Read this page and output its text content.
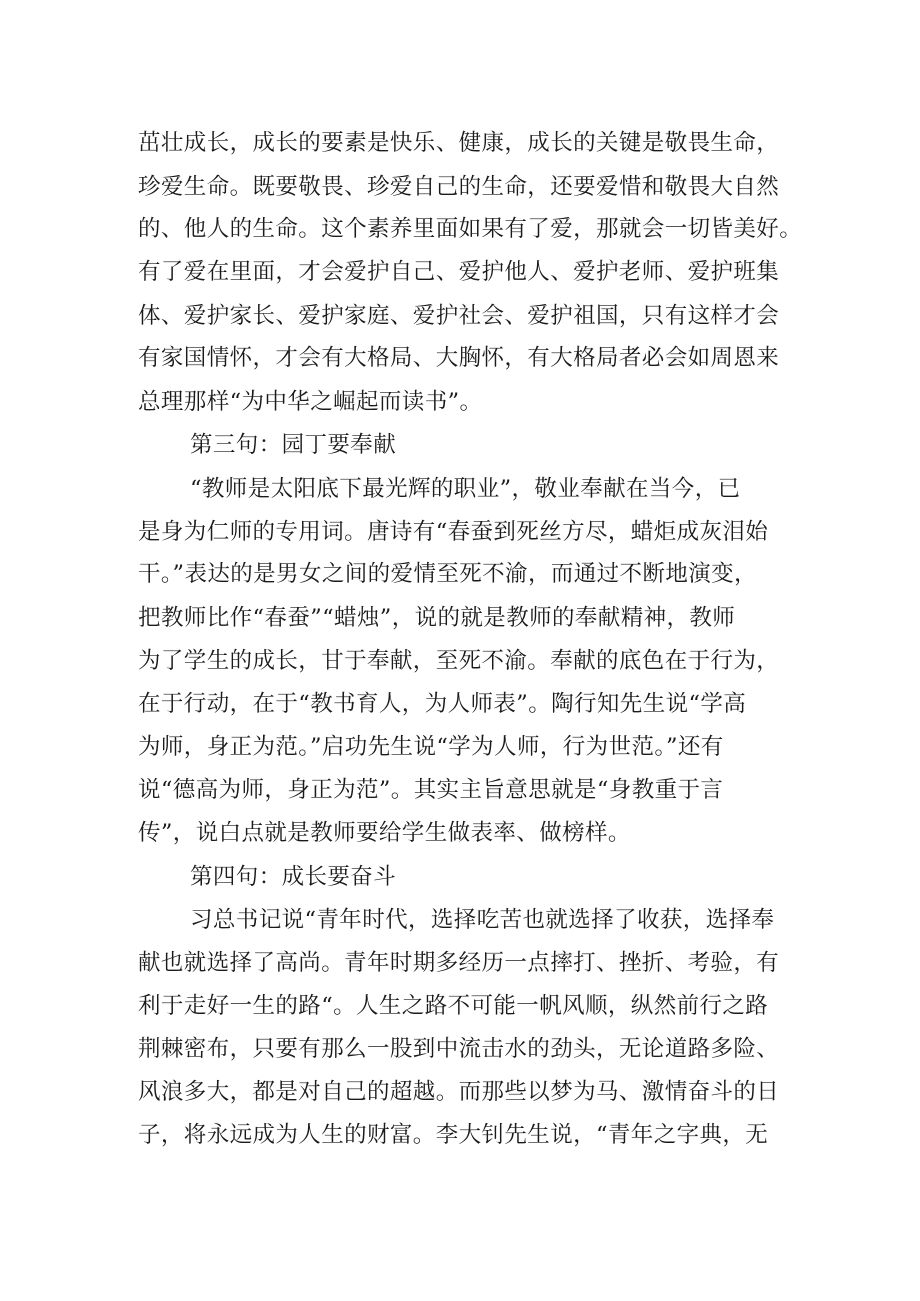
茁壮成长，成长的要素是快乐、健康，成长的关键是敬畏生命，
珍爱生命。既要敬畏、珍爱自己的生命，还要爱惜和敬畏大自然
的、他人的生命。这个素养里面如果有了爱，那就会一切皆美好。
有了爱在里面，才会爱护自己、爱护他人、爱护老师、爱护班集
体、爱护家长、爱护家庭、爱护社会、爱护祖国，只有这样才会
有家国情怀，才会有大格局、大胸怀，有大格局者必会如周恩来
总理那样“为中华之崛起而读书”。
第三句：园丁要奉献
“教师是太阳底下最光辉的职业”，敬业奉献在当今，已
是身为仁师的专用词。唐诗有“春蚕到死丝方尽，蜡炬成灰泪始
干。”表达的是男女之间的爱情至死不渝，而通过不断地演变，
把教师比作“春蚕”“蜡烛”，说的就是教师的奉献精神，教师
为了学生的成长，甘于奉献，至死不渝。奉献的底色在于行为，
在于行动，在于“教书育人，为人师表”。陶行知先生说“学高
为师，身正为范。”启功先生说“学为人师，行为世范。”还有
说“德高为师，身正为范”。其实主旨意思就是“身教重于言
传”，说白点就是教师要给学生做表率、做榜样。
第四句：成长要奋斗
习总书记说“青年时代，选择吃苦也就选择了收获，选择奉
献也就选择了高尚。青年时期多经历一点摔打、挫折、考验，有
利于走好一生的路“。人生之路不可能一帆风顺，纵然前行之路
荆棘密布，只要有那么一股到中流击水的劲头，无论道路多险、
风浪多大，都是对自己的超越。而那些以梦为马、激情奋斗的日
子，将永远成为人生的财富。李大钊先生说，“青年之字典，无
